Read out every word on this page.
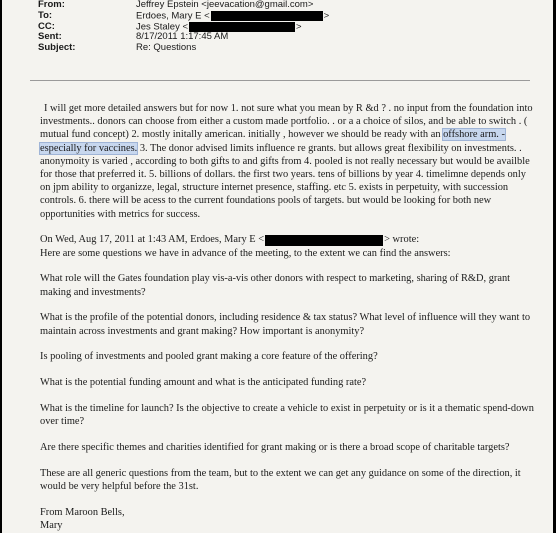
From:	Jeffrey Epstein <jeevacation@gmail.com>
To:	Erdoes, Mary E <	>
CC:	Jes Staley <	>
Sent:	8/17/2011 1:17:45 AM
Subject:	Re: Questions

I will get more detailed answers but for now 1. not sure what you mean by R &d ? . no input from the foundation into investments.. donors can choose from either a custom made portfolio. . or a a choice of silos, and be able to switch . ( mutual fund concept) 2. mostly initally american. initially , however we should be ready with an offshore arm. - especially for vaccines. 3. The donor advised limits influence re grants. but allows great flexibility on investments. . anonymoity is varied , according to both gifts to and gifts from 4. pooled is not really necessary but would be availble for those that preferred it. 5. billions of dollars. the first two years. tens of billions by year 4. timelimne depends only on jpm ability to organizze, legal, structure internet presence, staffing. etc 5. exists in perpetuity, with succession controls. 6. there will be acess to the current foundations pools of targets. but would be looking for both new opportunities with metrics for success.

On Wed, Aug 17, 2011 at 1:43 AM, Erdoes, Mary E <	> wrote:
Here are some questions we have in advance of the meeting, to the extent we can find the answers:

What role will the Gates foundation play vis-a-vis other donors with respect to marketing, sharing of R&D, grant making and investments?

What is the profile of the potential donors, including residence & tax status? What level of influence will they want to maintain across investments and grant making? How important is anonymity?

Is pooling of investments and pooled grant making a core feature of the offering?

What is the potential funding amount and what is the anticipated funding rate?

What is the timeline for launch? Is the objective to create a vehicle to exist in perpetuity or is it a thematic spend-down over time?

Are there specific themes and charities identified for grant making or is there a broad scope of charitable targets?

These are all generic questions from the team, but to the extent we can get any guidance on some of the direction, it would be very helpful before the 31st.

From Maroon Bells,
Mary
